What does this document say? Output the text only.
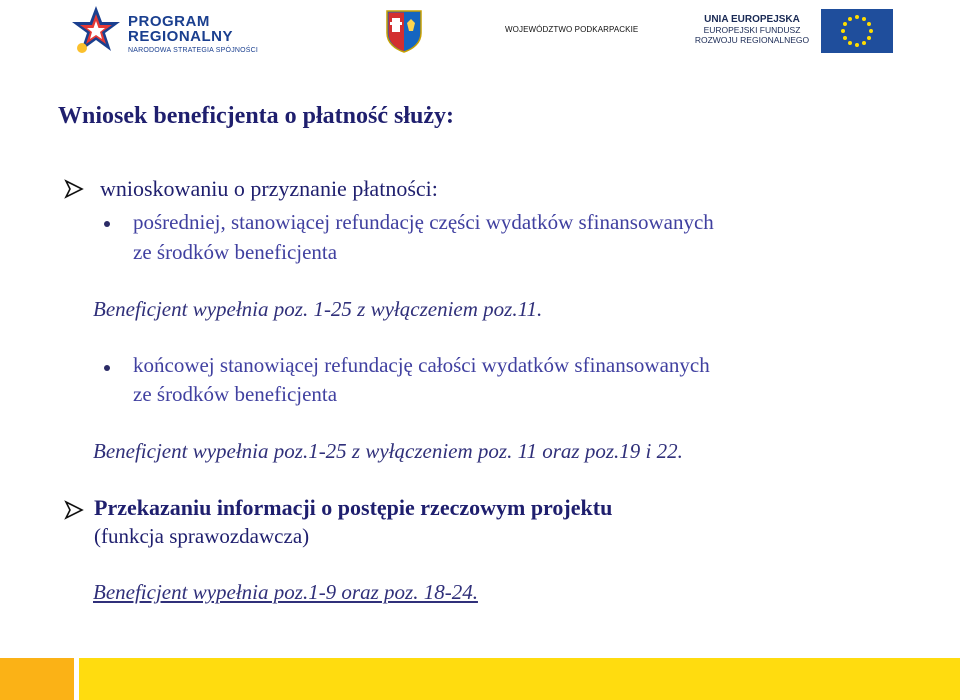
PROGRAM
REGIONALNY
NARODOWA STRATEGIA SPÓJNOŚCI
WOJEWÓDZTWO PODKARPACKIE
UNIA EUROPEJSKA
EUROPEJSKI FUNDUSZ
ROZWOJU REGIONALNEGO
Wniosek beneficjenta o płatność służy:
wnioskowaniu o przyznanie płatności:
pośredniej, stanowiącej refundację części wydatków sfinansowanych
ze środków beneficjenta
Beneficjent wypełnia poz. 1-25 z wyłączeniem poz.11.
końcowej stanowiącej refundację całości wydatków sfinansowanych
ze środków beneficjenta
Beneficjent wypełnia poz.1-25 z wyłączeniem poz. 11 oraz poz.19 i 22.
Przekazaniu informacji o postępie rzeczowym projektu
(funkcja sprawozdawcza)
Beneficjent wypełnia poz.1-9 oraz poz. 18-24.
